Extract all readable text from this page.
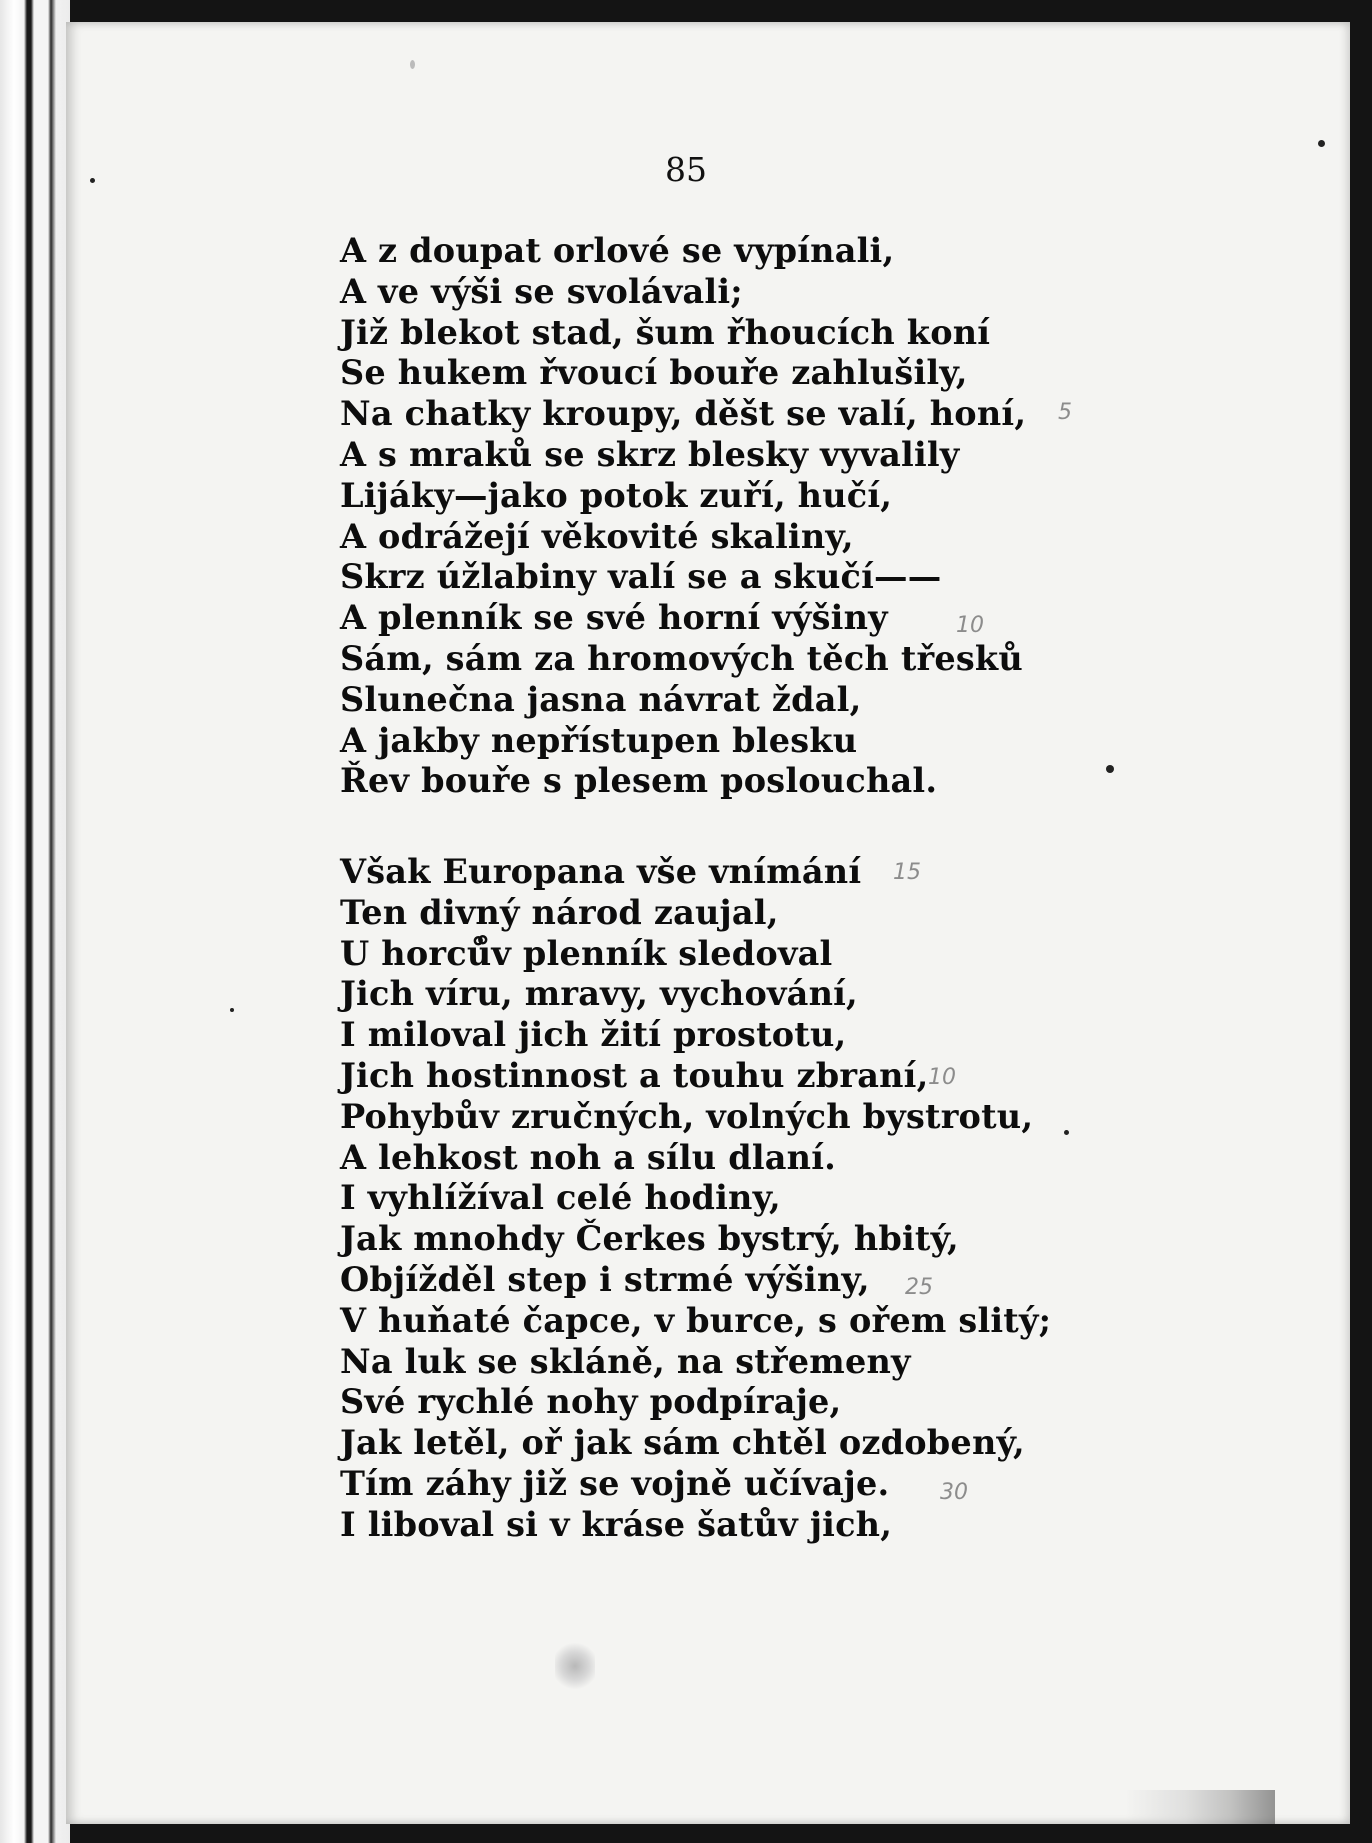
85
A z doupat orlové se vypínali,
A ve výši se svolávali;
Již blekot stad, šum řhoucích koní
Se hukem řvoucí bouře zahlušily,
Na chatky kroupy, děšt se valí, honí,
A s mraků se skrz blesky vyvalily
Lijáky—jako potok zuří, hučí,
A odrážejí věkovité skaliny,
Skrz úžlabiny valí se a skučí——
A plenník se své horní výšiny
Sám, sám za hromových těch třesků
Slunečna jasna návrat ždal,
A jakby nepřístupen blesku
Řev bouře s plesem poslouchal.
Však Europana vše vnímání
Ten divný národ zaujal,
U horců̊v plenník sledoval
Jich víru, mravy, vychování,
I miloval jich žití prostotu,
Jich hostinnost a touhu zbraní,
Pohybův zručných, volných bystrotu,
A lehkost noh a sílu dlaní.
I vyhlížíval celé hodiny,
Jak mnohdy Čerkes bystrý, hbitý,
Objížděl step i strmé výšiny,
V huňaté čapce, v burce, s ořem slitý;
Na luk se skláně, na střemeny
Své rychlé nohy podpíraje,
Jak letěl, oř jak sám chtěl ozdobený,
Tím záhy již se vojně učívaje.
I liboval si v kráse šatův jich,
5
10
15
10
25
30
